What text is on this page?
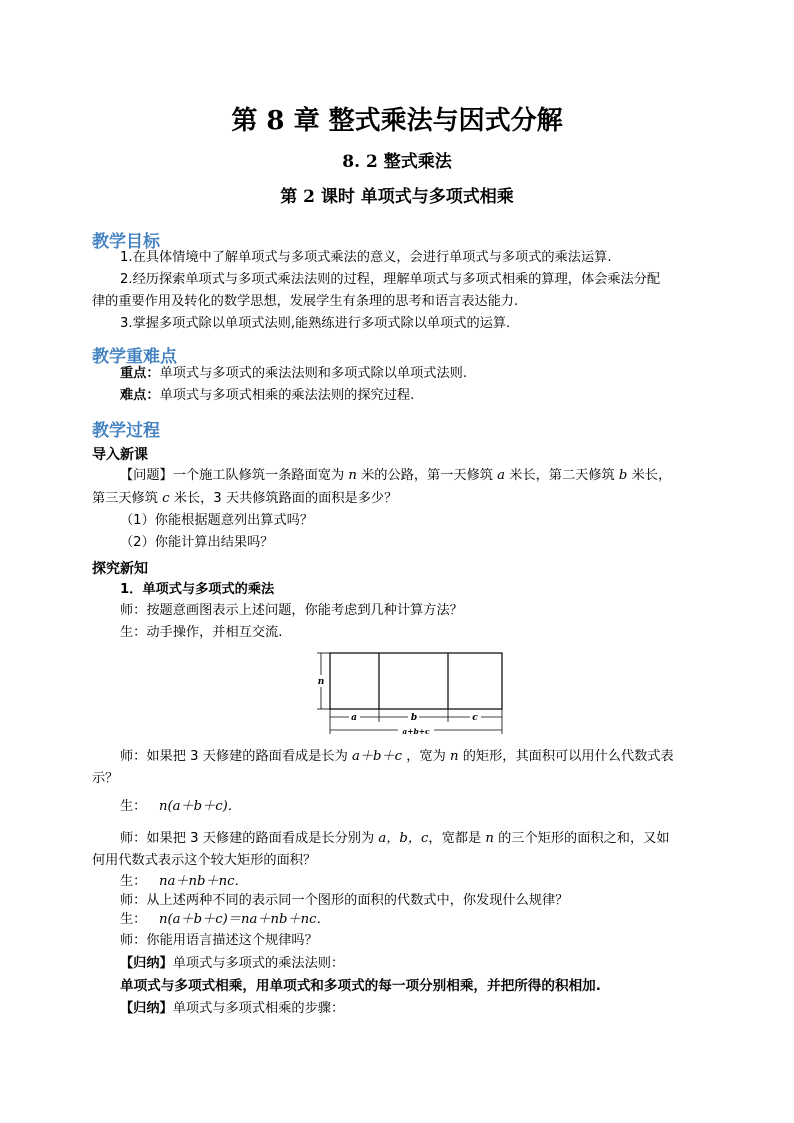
第 8 章 整式乘法与因式分解
8. 2 整式乘法
第 2 课时 单项式与多项式相乘
教学目标
1.在具体情境中了解单项式与多项式乘法的意义，会进行单项式与多项式的乘法运算.
2.经历探索单项式与多项式乘法法则的过程，理解单项式与多项式相乘的算理，体会乘法分配
律的重要作用及转化的数学思想，发展学生有条理的思考和语言表达能力.
3.掌握多项式除以单项式法则,能熟练进行多项式除以单项式的运算.
教学重难点
重点：单项式与多项式的乘法法则和多项式除以单项式法则.
难点：单项式与多项式相乘的乘法法则的探究过程.
教学过程
导入新课
【问题】一个施工队修筑一条路面宽为 n 米的公路，第一天修筑 a 米长，第二天修筑 b 米长，
第三天修筑 c 米长，3 天共修筑路面的面积是多少？
（1）你能根据题意列出算式吗？
（2）你能计算出结果吗？
探究新知
1．单项式与多项式的乘法
师：按题意画图表示上述问题，你能考虑到几种计算方法？
生：动手操作，并相互交流.
n
a	b	c
a+b+c
师：如果把 3 天修建的路面看成是长为 a＋b＋c ，宽为 n 的矩形，其面积可以用什么代数式表
示？
生： n(a＋b＋c)．
师：如果把 3 天修建的路面看成是长分别为 a，b，c，宽都是 n 的三个矩形的面积之和，又如
何用代数式表示这个较大矩形的面积？
生： na＋nb＋nc．
师：从上述两种不同的表示同一个图形的面积的代数式中，你发现什么规律？
生： n(a＋b＋c)＝na＋nb＋nc．
师：你能用语言描述这个规律吗？
【归纳】单项式与多项式的乘法法则：
单项式与多项式相乘，用单项式和多项式的每一项分别相乘，并把所得的积相加.
【归纳】单项式与多项式相乘的步骤：
